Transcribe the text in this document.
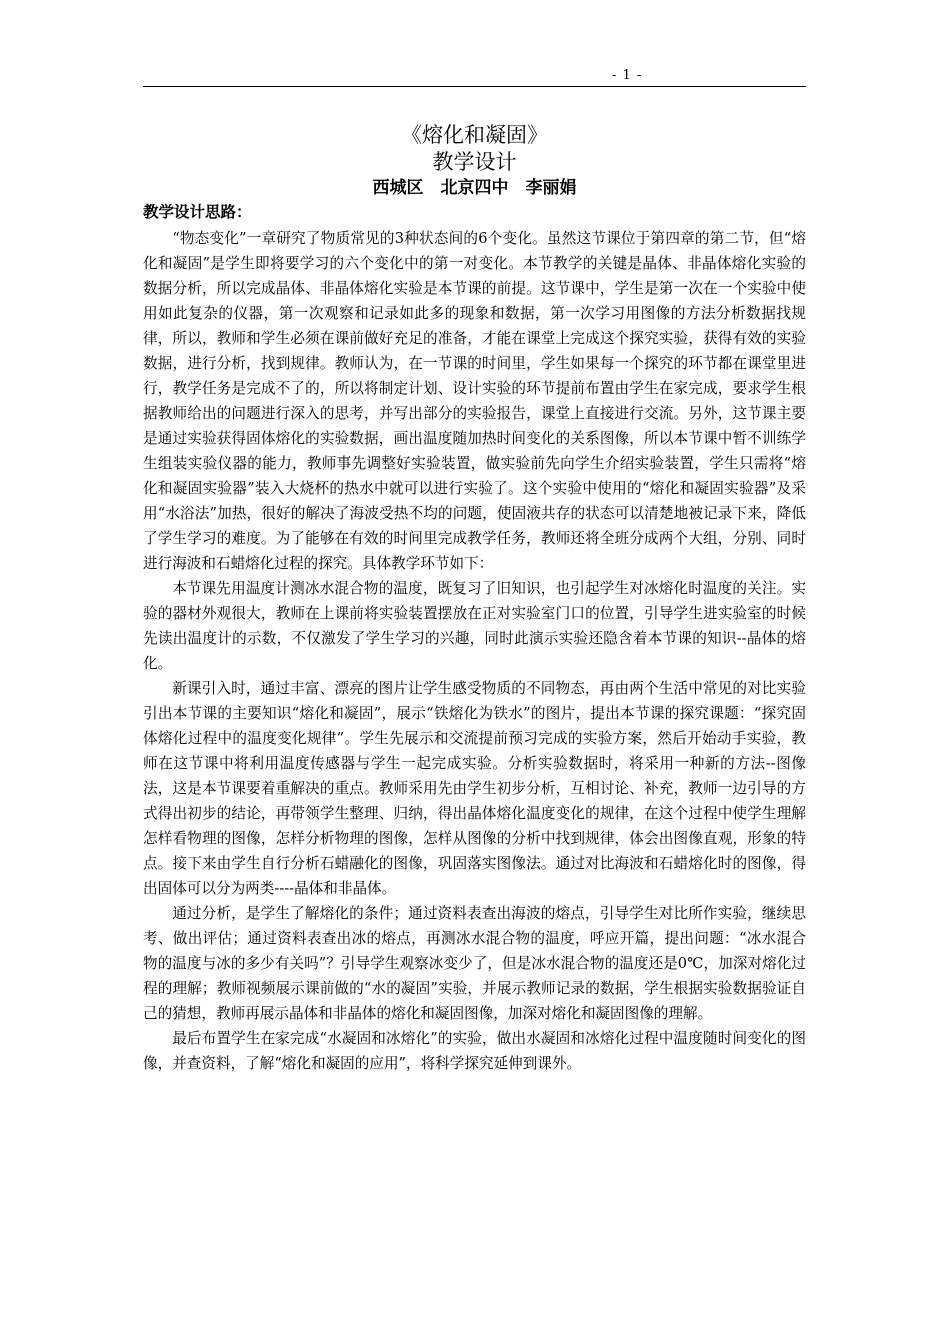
- 1 -
《熔化和凝固》
教学设计
西城区　北京四中　李丽娟
教学设计思路：

“物态变化”一章研究了物质常见的3种状态间的6个变化。虽然这节课位于第四章的第二节，但“熔化和凝固”是学生即将要学习的六个变化中的第一对变化。本节教学的关键是晶体、非晶体熔化实验的数据分析，所以完成晶体、非晶体熔化实验是本节课的前提。这节课中，学生是第一次在一个实验中使用如此复杂的仪器，第一次观察和记录如此多的现象和数据，第一次学习用图像的方法分析数据找规律，所以，教师和学生必须在课前做好充足的准备，才能在课堂上完成这个探究实验，获得有效的实验数据，进行分析，找到规律。教师认为，在一节课的时间里，学生如果每一个探究的环节都在课堂里进行，教学任务是完成不了的，所以将制定计划、设计实验的环节提前布置由学生在家完成，要求学生根据教师给出的问题进行深入的思考，并写出部分的实验报告，课堂上直接进行交流。另外，这节课主要是通过实验获得固体熔化的实验数据，画出温度随加热时间变化的关系图像，所以本节课中暂不训练学生组装实验仪器的能力，教师事先调整好实验装置，做实验前先向学生介绍实验装置，学生只需将“熔化和凝固实验器”装入大烧杯的热水中就可以进行实验了。这个实验中使用的“熔化和凝固实验器”及采用“水浴法”加热，很好的解决了海波受热不均的问题，使固液共存的状态可以清楚地被记录下来，降低了学生学习的难度。为了能够在有效的时间里完成教学任务，教师还将全班分成两个大组，分别、同时进行海波和石蜡熔化过程的探究。具体教学环节如下：

本节课先用温度计测冰水混合物的温度，既复习了旧知识，也引起学生对冰熔化时温度的关注。实验的器材外观很大，教师在上课前将实验装置摆放在正对实验室门口的位置，引导学生进实验室的时候先读出温度计的示数，不仅激发了学生学习的兴趣，同时此演示实验还隐含着本节课的知识--晶体的熔化。

新课引入时，通过丰富、漂亮的图片让学生感受物质的不同物态，再由两个生活中常见的对比实验引出本节课的主要知识“熔化和凝固”，展示“铁熔化为铁水”的图片，提出本节课的探究课题：“探究固体熔化过程中的温度变化规律”。学生先展示和交流提前预习完成的实验方案，然后开始动手实验，教师在这节课中将利用温度传感器与学生一起完成实验。分析实验数据时，将采用一种新的方法--图像法，这是本节课要着重解决的重点。教师采用先由学生初步分析，互相讨论、补充，教师一边引导的方式得出初步的结论，再带领学生整理、归纳，得出晶体熔化温度变化的规律，在这个过程中使学生理解怎样看物理的图像，怎样分析物理的图像，怎样从图像的分析中找到规律，体会出图像直观，形象的特点。接下来由学生自行分析石蜡融化的图像，巩固落实图像法。通过对比海波和石蜡熔化时的图像，得出固体可以分为两类----晶体和非晶体。

通过分析，是学生了解熔化的条件；通过资料表查出海波的熔点，引导学生对比所作实验，继续思考、做出评估；通过资料表查出冰的熔点，再测冰水混合物的温度，呼应开篇，提出问题：“冰水混合物的温度与冰的多少有关吗”？引导学生观察冰变少了，但是冰水混合物的温度还是0℃，加深对熔化过程的理解；教师视频展示课前做的“水的凝固”实验，并展示教师记录的数据，学生根据实验数据验证自己的猜想，教师再展示晶体和非晶体的熔化和凝固图像，加深对熔化和凝固图像的理解。

最后布置学生在家完成“水凝固和冰熔化”的实验，做出水凝固和冰熔化过程中温度随时间变化的图像，并查资料，了解“熔化和凝固的应用”，将科学探究延伸到课外。
